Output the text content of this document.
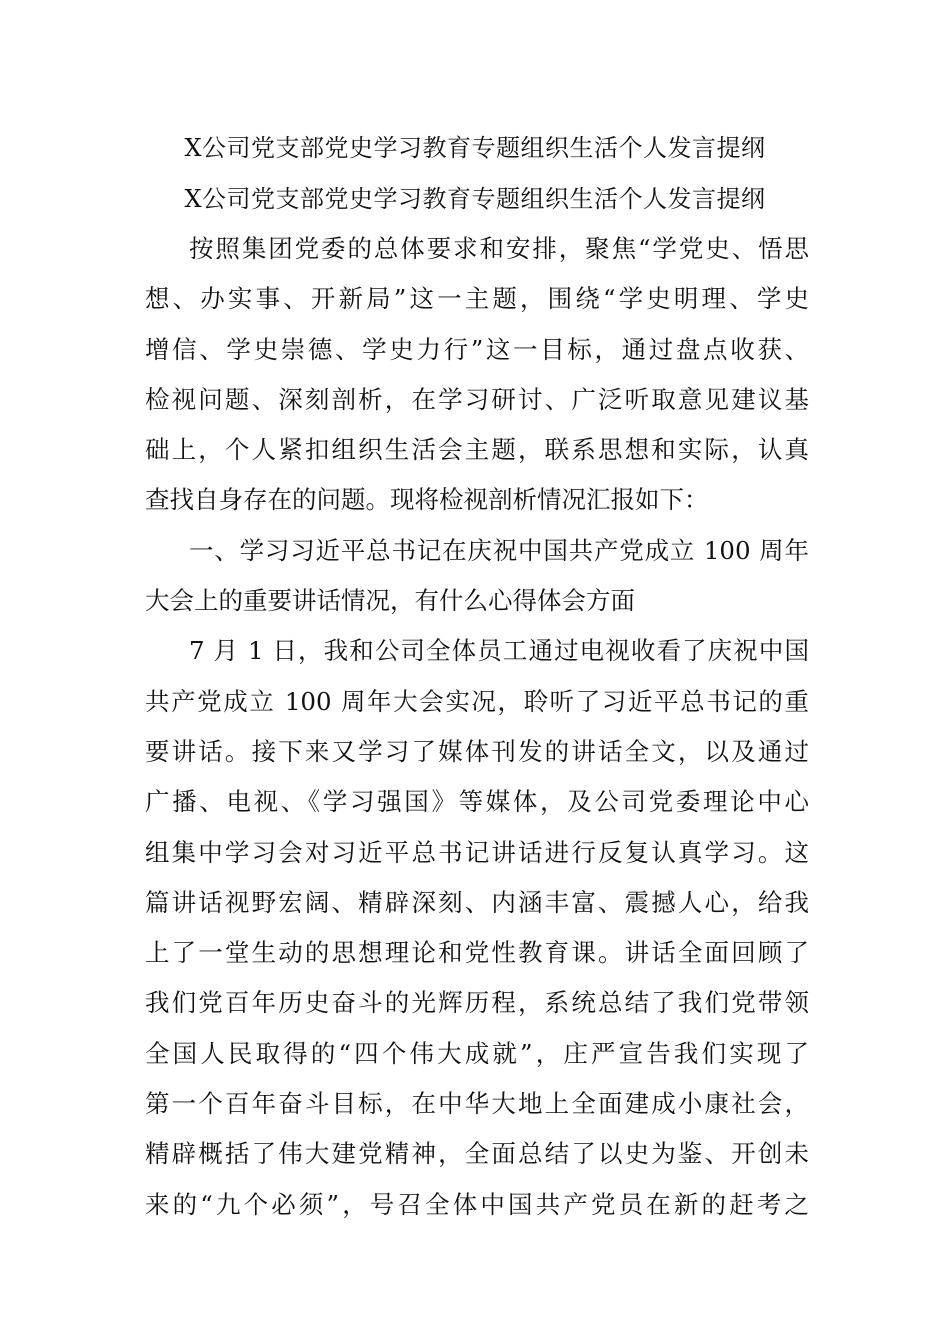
X公司党支部党史学习教育专题组织生活个人发言提纲
X公司党支部党史学习教育专题组织生活个人发言提纲
按照集团党委的总体要求和安排，聚焦“学党史、悟思
想、办实事、开新局”这一主题，围绕“学史明理、学史
增信、学史崇德、学史力行”这一目标，通过盘点收获、
检视问题、深刻剖析，在学习研讨、广泛听取意见建议基
础上，个人紧扣组织生活会主题，联系思想和实际，认真
查找自身存在的问题。现将检视剖析情况汇报如下：
一、学习习近平总书记在庆祝中国共产党成立 100 周年
大会上的重要讲话情况，有什么心得体会方面
7 月 1 日，我和公司全体员工通过电视收看了庆祝中国
共产党成立 100 周年大会实况，聆听了习近平总书记的重
要讲话。接下来又学习了媒体刊发的讲话全文，以及通过
广播、电视、《学习强国》等媒体，及公司党委理论中心
组集中学习会对习近平总书记讲话进行反复认真学习。这
篇讲话视野宏阔、精辟深刻、内涵丰富、震撼人心，给我
上了一堂生动的思想理论和党性教育课。讲话全面回顾了
我们党百年历史奋斗的光辉历程，系统总结了我们党带领
全国人民取得的“四个伟大成就”，庄严宣告我们实现了
第一个百年奋斗目标，在中华大地上全面建成小康社会，
精辟概括了伟大建党精神，全面总结了以史为鉴、开创未
来的“九个必须”，号召全体中国共产党员在新的赶考之
